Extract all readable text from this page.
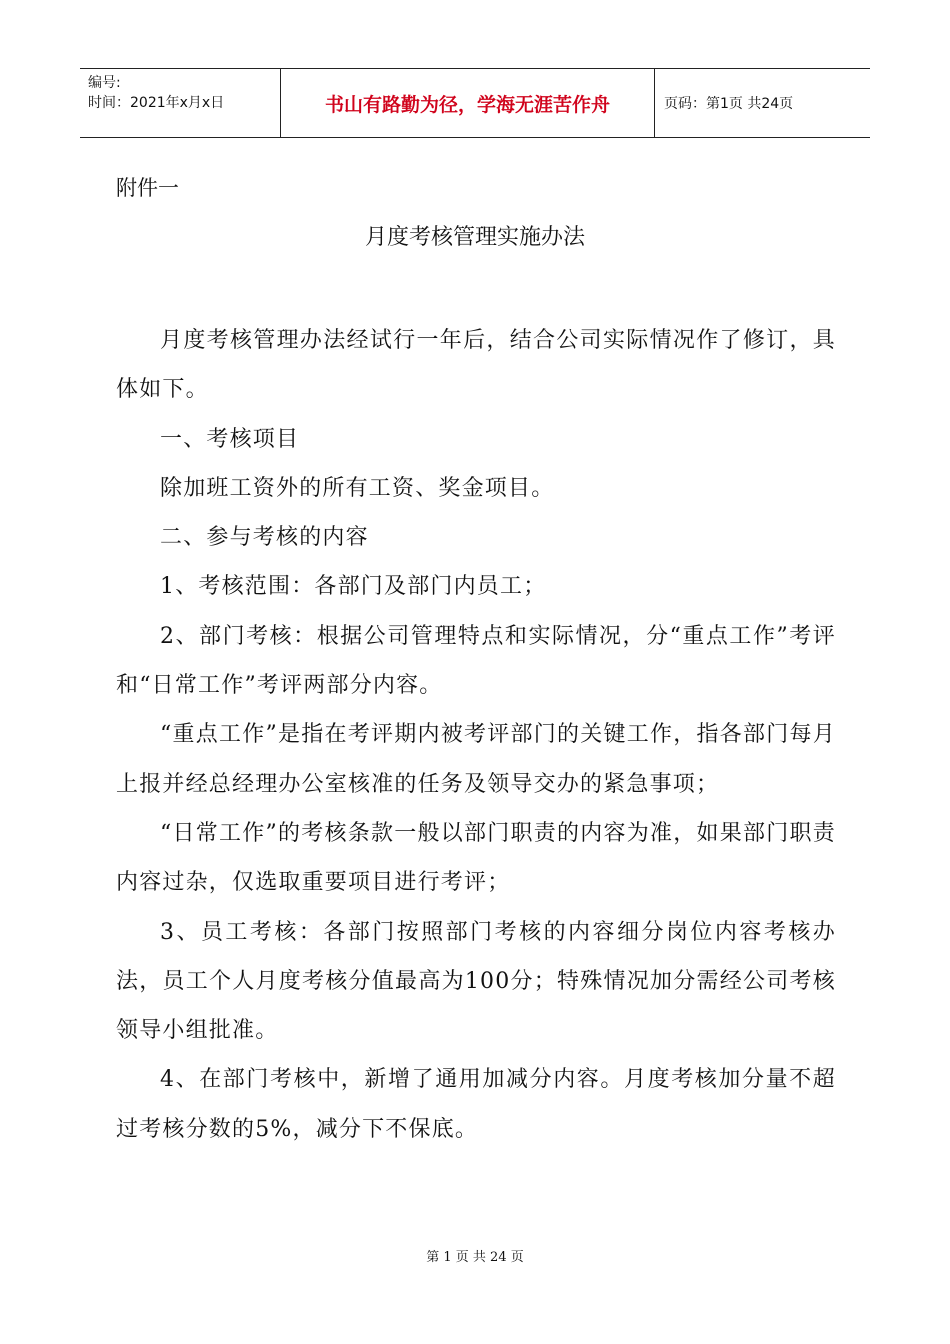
编号:
时间：2021年x月x日	书山有路勤为径，学海无涯苦作舟	页码：第1页 共24页
附件一
月度考核管理实施办法

月度考核管理办法经试行一年后，结合公司实际情况作了修订，具体如下。

一、考核项目

除加班工资外的所有工资、奖金项目。

二、参与考核的内容

1、考核范围：各部门及部门内员工；

2、部门考核：根据公司管理特点和实际情况，分“重点工作”考评和“日常工作”考评两部分内容。

“重点工作”是指在考评期内被考评部门的关键工作，指各部门每月上报并经总经理办公室核准的任务及领导交办的紧急事项；

“日常工作”的考核条款一般以部门职责的内容为准，如果部门职责内容过杂，仅选取重要项目进行考评；

3、员工考核：各部门按照部门考核的内容细分岗位内容考核办法，员工个人月度考核分值最高为100分；特殊情况加分需经公司考核领导小组批准。

4、在部门考核中，新增了通用加减分内容。月度考核加分量不超过考核分数的5%，减分下不保底。

第 1 页 共 24 页
